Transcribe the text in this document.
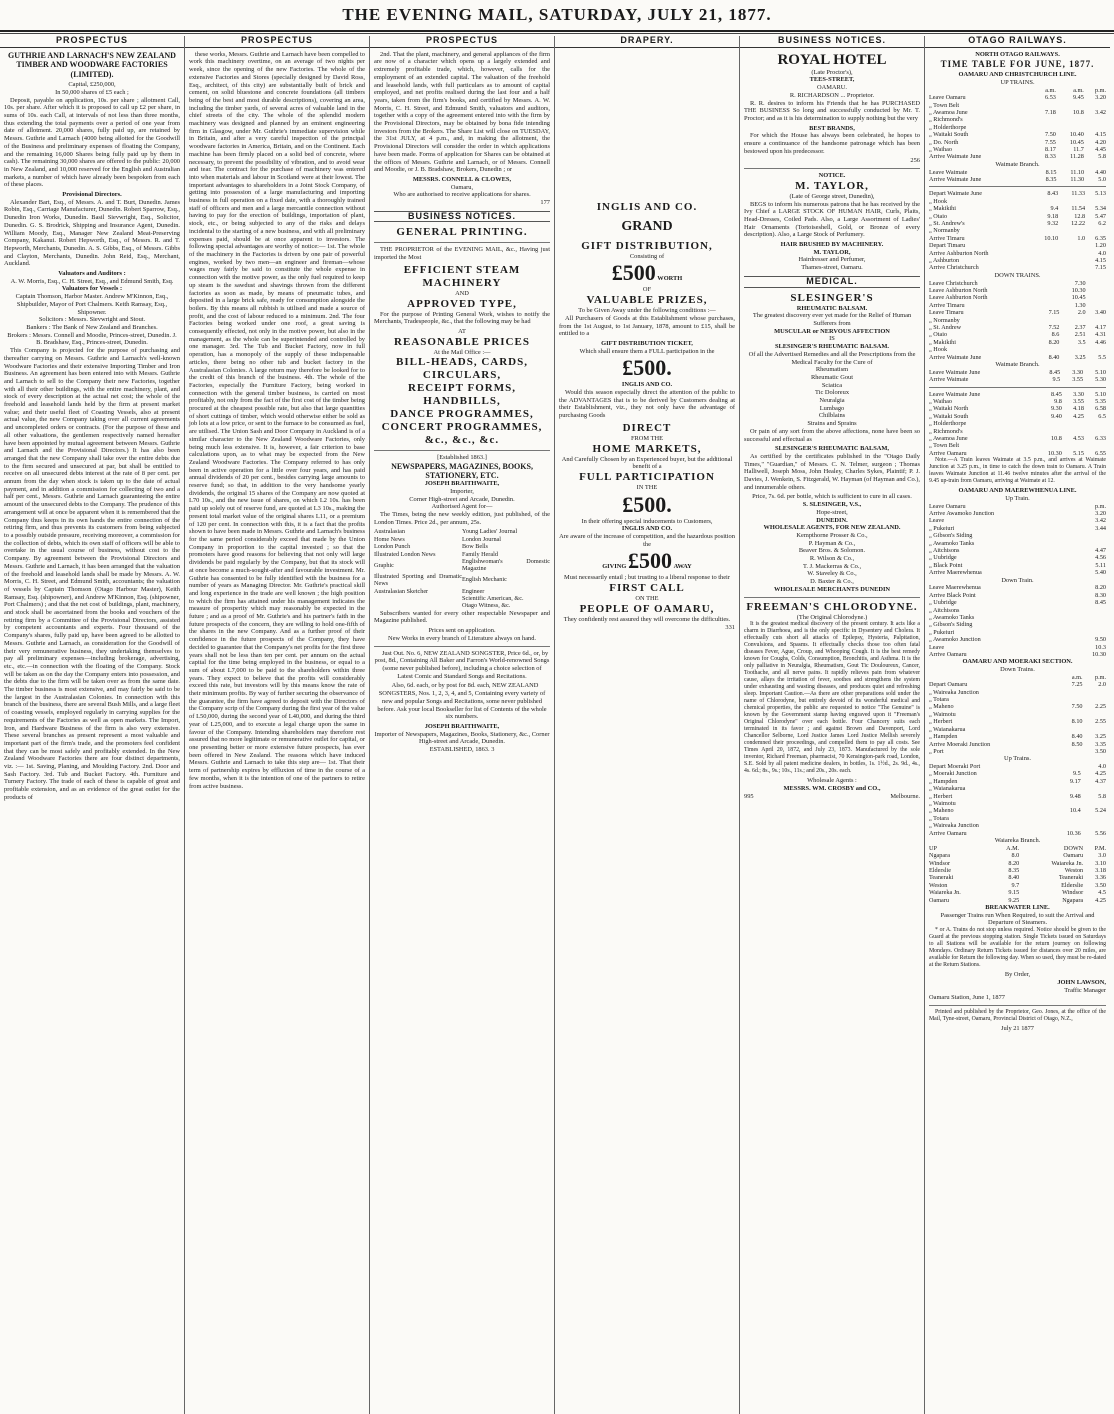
THE EVENING MAIL, SATURDAY, JULY 21, 1877.
PROSPECTUS
GUTHRIE AND LARNACH'S NEW ZEALAND TIMBER AND WOODWARE FACTORIES (LIMITED).
Capital, £250,000,
In 50,000 shares of £5 each ;

Deposit, payable on application, 10s. per share ; allotment Call, 10s. per share. After which it is proposed to call up £2 per share, in sums of 10s. each Call, at intervals of not less than three months, thus extending the total payments over a period of one year from date of allotment. 20,000 shares, fully paid up, are retained by Messrs. Guthrie and Larnach (4000 being allotted for the Goodwill of the Business and preliminary expenses of floating the Company, and the remaining 16,000 Shares being fully paid up by them in cash). The remaining 30,000 shares are offered to the public: 20,000 in New Zealand, and 10,000 reserved for the English and Australian markets, a number of which have already been bespoken from each of these places.

Provisional Directors.

Alexander Bart, Esq., of Messrs. A. and T. Burt, Dunedin. James Robin, Esq., Carriage Manufacturer, Dunedin. Robert Sparrow, Esq., Dunedin Iron Works, Dunedin. Basil Sievwright, Esq., Solicitor, Dunedin. G. S. Brodrick, Shipping and Insurance Agent, Dunedin. William Moody, Esq., Manager New Zealand Meat-Preserving Company, Kakanui. Robert Hepworth, Esq., of Messrs. R. and T. Hepworth, Merchants, Dunedin. A. S. Gibbs, Esq., of Messrs. Gibbs and Clayton, Merchants, Dunedin. John Reid, Esq., Merchant, Auckland.

Valuators and Auditors :
A. W. Morris, Esq., C. H. Street, Esq., and Edmund Smith, Esq.
Valuators for Vessels :
Captain Thomson, Harbor Master. Andrew M'Kinnon, Esq., Shipbuilder, Mayor of Port Chalmers. Keith Ramsay, Esq., Shipowner.
Solicitors : Messrs. Sievwright and Stout.
Bankers : The Bank of New Zealand and Branches.
Brokers : Messrs. Connell and Moodie, Princes-street, Dunedin. J. B. Bradshaw, Esq., Princes-street, Dunedin.

This Company is projected for the purpose of purchasing and thereafter carrying on Messrs. Guthrie and Larnach's well-known Woodware Factories and their extensive Importing Timber and Iron Business. An agreement has been entered into with Messrs. Guthrie and Larnach to sell to the Company their new Factories, together with all their other buildings, with the entire machinery, plant, and stock of every description at the actual net cost; the whole of the freehold and leasehold lands held by the firm at present market value; and their useful fleet of Coasting Vessels, also at present actual value, the new Company taking over all current agreements and uncompleted orders or contracts. (For the purpose of these and all other valuations, the gentlemen respectively named hereafter have been appointed by mutual agreement between Messrs. Guthrie and Larnach and the Provisional Directors.) It has also been arranged that the new Company shall take over the entire debts due to the firm secured and unsecured at par, but shall be entitled to receive on all unsecured debts interest at the rate of 8 per cent. per annum from the day when stock is taken up to the date of actual payment, and in addition a commission for collecting of two and a half per cent., Messrs. Guthrie and Larnach guaranteeing the entire amount of the unsecured debts to the Company. The prudence of this arrangement will at once be apparent when it is remembered that the Company thus keeps in its own hands the entire connection of the retiring firm, and thus prevents its customers from being subjected to a possibly outside pressure, receiving moreover, a commission for the collection of debts, which its own staff of officers will be able to overtake in the usual course of business, without cost to the Company. By agreement between the Provisional Directors and Messrs. Guthrie and Larnach, it has been arranged that the valuation of the freehold and leasehold lands shall be made by Messrs. A. W. Morris, C. H. Street, and Edmund Smith, accountants; the valuation of vessels by Captain Thomson (Otago Harbour Master), Keith Ramsay, Esq. (shipowner), and Andrew M'Kinnon, Esq. (shipowner, Port Chalmers) ; and that the net cost of buildings, plant, machinery, and stock shall be ascertained from the books and vouchers of the retiring firm by a Committee of the Provisional Directors, assisted by competent accountants and experts. Four thousand of the Company's shares, fully paid up, have been agreed to be allotted to Messrs. Guthrie and Larnach, as consideration for the Goodwill of their very remunerative business, they undertaking themselves to pay all preliminary expenses—including brokerage, advertising, etc., etc.—in connection with the floating of the Company. Stock will be taken as on the day the Company enters into possession, and the debts due to the firm will be taken over as from the same date. The timber business is most extensive, and may fairly be said to be the largest in the Australasian Colonies. In connection with this branch of the business, there are several Bush Mills, and a large fleet of coasting vessels, employed regularly in carrying supplies for the requirements of the Factories as well as open markets. The Import, Iron, and Hardware Business of the firm is also very extensive. These several branches as present represent a most valuable and important part of the firm's trade, and the promoters feel confident that they can be most safely and profitably extended. In the New Zealand Woodware Factories there are four distinct departments, viz. :— 1st. Saving, Planing, and Moulding Factory. 2nd. Door and Sash Factory. 3rd. Tub and Bucket Factory. 4th. Furniture and Turnery Factory. The trade of each of these is capable of great and profitable extension, and as an evidence of the great outlet for the products of

PROSPECTUS

these works, Messrs. Guthrie and Larnach have been compelled to work this machinery overtime, on an average of two nights per week, since the opening of the new Factories. The whole of the extensive Factories and Stores (specially designed by David Ross, Esq., architect, of this city) are substantially built of brick and cement, on solid bluestone and concrete foundations (all timbers being of the best and most durable descriptions), covering an area, including the timber yards, of several acres of valuable land in the chief streets of the city. The whole of the splendid modern machinery was designed and planned by an eminent engineering firm in Glasgow, under Mr. Guthrie's immediate supervision while in Britain, and after a very careful inspection of the principal woodware factories in America, Britain, and on the Continent. Each machine has been firmly placed on a solid bed of concrete, where necessary, to prevent the possibility of vibration, and to avoid wear and tear. The contract for the purchase of machinery was entered into when materials and labour in Scotland were at their lowest. The important advantages to shareholders in a Joint Stock Company, of getting into possession of a large manufacturing and importing business in full operation on a fixed date, with a thoroughly trained staff of officers and men and a large mercantile connection without having to pay for the erection of buildings, importation of plant, stock, etc., or being subjected to any of the risks and delays incidental to the starting of a new business, and with all preliminary expenses paid, should be at once apparent to investors. The following special advantages are worthy of notice:— 1st. The whole of the machinery in the Factories is driven by one pair of powerful engines, worked by two men—an engineer and fireman—whose wages may fairly be said to constitute the whole expense in connection with the motive power, as the only fuel required to keep up steam is the sawdust and shavings thrown from the different factories as soon as made, by means of pneumatic tubes, and deposited in a large brick safe, ready for consumption alongside the boilers. By this means all rubbish is utilised and made a source of profit, and the cost of labour reduced to a minimum. 2nd. The four Factories being worked under one roof, a great saving is consequently effected, not only in the motive power, but also in the management, as the whole can be superintended and controlled by one manager. 3rd. The Tub and Bucket Factory, now in full operation, has a monopoly of the supply of these indispensable articles, there being no other tub and bucket factory in the Australasian Colonies. A large return may therefore be looked for to the credit of this branch of the business. 4th. The whole of the Factories, especially the Furniture Factory, being worked in connection with the general timber business, is carried on most profitably, not only from the fact of the first cost of the timber being procured at the cheapest possible rate, but also that large quantities of short cuttings of timber, which would otherwise either be sold as job lots at a low price, or sent to the furnace to be consumed as fuel, are utilised. The Union Sash and Door Company in Auckland is of a similar character to the New Zealand Woodware Factories, only being much less extensive. It is, however, a fair criterion to base calculations upon, as to what may be expected from the New Zealand Woodware Factories. The Company referred to has only been in active operation for a little over four years, and has paid annual dividends of 20 per cent., besides carrying large amounts to reserve fund; so that, in addition to the very handsome yearly dividends, the original 15 shares of the Company are now quoted at L70 10s., and the new issue of shares, on which L2 10s. has been paid up solely out of reserve fund, are quoted at L3 10s., making the present total market value of the original shares L11, or a premium of 120 per cent. In connection with this, it is a fact that the profits shown to have been made in Messrs. Guthrie and Larnach's business for the same period considerably exceed that made by the Union Company in proportion to the capital invested ; so that the promoters have good reasons for believing that not only will large dividends be paid regularly by the Company, but that its stock will at once become a much-sought-after and favourable investment. Mr. Guthrie has consented to be fully identified with the business for a number of years as Managing Director. Mr. Guthrie's practical skill and long experience in the trade are well known ; the high position to which the firm has attained under his management indicates the measure of prosperity which may reasonably be expected in the future ; and as a proof of Mr. Guthrie's and his partner's faith in the future prospects of the concern, they are willing to hold one-fifth of the shares in the new Company. And as a further proof of their confidence in the future prospects of the Company, they have decided to guarantee that the Company's net profits for the first three years shall not be less than ten per cent. per annum on the actual capital for the time being employed in the business, or equal to a sum of about L7,000 to be paid to the shareholders within three years. They expect to believe that the profits will considerably exceed this rate, but investors will by this means know the rate of their minimum profits. By way of further securing the observance of the guarantee, the firm have agreed to deposit with the Directors of the Company scrip of the Company during the first year of the value of L50,000, during the second year of L40,000, and during the third year of L25,000, and to execute a legal charge upon the same in favour of the Company. Intending shareholders may therefore rest assured that no more legitimate or remunerative outlet for capital, or one presenting better or more extensive future prospects, has ever been offered in New Zealand. The reasons which have induced Messrs. Guthrie and Larnach to take this step are— 1st. That their term of partnership expires by effluxion of time in the course of a few months, when it is the intention of one of the partners to retire from active business.

PROSPECTUS

2nd. That the plant, machinery, and general appliances of the firm are now of a character which opens up a largely extended and extremely profitable trade, which, however, calls for the employment of an extended capital. The valuation of the freehold and leasehold lands, with full particulars as to amount of capital employed, and net profits realised during the last four and a half years, taken from the firm's books, and certified by Messrs. A. W. Morris, C. H. Street, and Edmund Smith, valuators and auditors, together with a copy of the agreement entered into with the firm by the Provisional Directors, may be obtained by bona fide intending investors from the Brokers. The Share List will close on TUESDAY, the 31st JULY, at 4 p.m., and, in making the allotment, the Provisional Directors will consider the order in which applications have been made. Forms of application for Shares can be obtained at the offices of Messrs. Guthrie and Larnach, or of Messrs. Connell and Moodie, or J. B. Bradshaw, Brokers, Dunedin ; or

MESSRS. CONNELL & CLOWES,
Oamaru,
Who are authorised to receive applications for shares.
177
BUSINESS NOTICES.
GENERAL PRINTING.

THE PROPRIETOR of the EVENING MAIL, &c., Having just imported the Most

EFFICIENT STEAM MACHINERY
AND
APPROVED TYPE,

For the purpose of Printing General Work, wishes to notify the Merchants, Tradespeople, &c., that the following may be had

AT
REASONABLE PRICES
At the Mail Office :—
BILL-HEADS, CARDS, CIRCULARS,
RECEIPT FORMS,
HANDBILLS,
DANCE PROGRAMMES,
CONCERT PROGRAMMES,
&c., &c., &c.
[Established 1863.]
NEWSPAPERS, MAGAZINES, BOOKS, STATIONERY, ETC.
JOSEPH BRAITHWAITE,
Importer,
Corner High-street and Arcade, Dunedin.
Authorised Agent for—

The Times, being the new weekly edition, just published, of the London Times. Price 2d., per annum, 25s.

Australasian	Young Ladies' Journal
Home News	London Journal
London Punch	Bow Bells
Illustrated London News	Family Herald
Graphic	Englishwoman's Domestic Magazine
Illustrated Sporting and Dramatic News	English Mechanic
Australasian Sketcher	Engineer
	Scientific American, &c.
	Otago Witness, &c.

Subscribers wanted for every other respectable Newspaper and Magazine published.

Prices sent on application.
New Works in every branch of Literature always on hand.

Just Out. No. 6, NEW ZEALAND SONGSTER, Price 6d., or, by post, 8d., Containing All Baker and Farron's World-renowned Songs (some never published before), including a choice selection of Latest Comic and Standard Songs and Recitations.

Also, 6d. each, or by post for 8d. each, NEW ZEALAND SONGSTERS, Nos. 1, 2, 3, 4, and 5, Containing every variety of new and popular Songs and Recitations, some never published before. Ask your local Bookseller for list of Contents of the whole six numbers.

JOSEPH BRAITHWAITE,
Importer of Newspapers, Magazines, Books, Stationery, &c., Corner High-street and Arcade, Dunedin.
ESTABLISHED, 1863. 3
DRAPERY.
INGLIS AND CO.
GRAND
GIFT DISTRIBUTION,
Consisting of
£500 WORTH
OF
VALUABLE PRIZES,
To be Given Away under the following conditions :—

All Purchasers of Goods at this Establishment whose purchases, from the 1st August, to 1st January, 1878, amount to £15, shall be entitled to a

GIFT DISTRIBUTION TICKET,
Which shall ensure them a FULL participation in the
£500.
INGLIS AND CO.

Would this season especially direct the attention of the public to the ADVANTAGES that is to be derived by Customers dealing at their Establishment, viz., they not only have the advantage of purchasing Goods

DIRECT
FROM THE
HOME MARKETS,
And Carefully Chosen by an Experienced buyer, but the additional benefit of a
FULL PARTICIPATION
IN THE
£500.
In their offering special inducements to Customers,
INGLIS AND CO.
Are aware of the increase of competition, and the hazardous position the
GIVING £500 AWAY
Must necessarily entail ; but trusting to a liberal response to their
FIRST CALL
ON THE
PEOPLE OF OAMARU,
They confidently rest assured they will overcome the difficulties.
331
BUSINESS NOTICES.
ROYAL HOTEL
(Late Proctor's),
TEES-STREET,
OAMARU.
R. RICHARDSON ... Proprietor.

R. R. desires to inform his Friends that he has PURCHASED THE BUSINESS So long and successfully conducted by Mr. T. Proctor; and as it is his determination to supply nothing but the very

BEST BRANDS,

For which the House has always been celebrated, he hopes to ensure a continuance of the handsome patronage which has been bestowed upon his predecessor.

256
NOTICE.
M. TAYLOR,
(Late of George street, Dunedin),

BEGS to inform his numerous patrons that he has received by the Ivy Chief a LARGE STOCK OF HUMAN HAIR, Curls, Plaits, Head-Dresses, Coiled Pads. Also, a Large Assortment of Ladies' Hair Ornaments (Tortoiseshell, Gold, or Bronze of every description). Also, a Large Stock of Perfumery.

HAIR BRUSHED BY MACHINERY.
M. TAYLOR,
Hairdresser and Perfumer,
Thames-street, Oamaru.
MEDICAL.
SLESINGER'S
RHEUMATIC BALSAM.
The greatest discovery ever yet made for the Relief of Human Sufferers from
MUSCULAR or NERVOUS AFFECTION
IS
SLESINGER'S RHEUMATIC BALSAM.
Of all the Advertised Remedies and all the Prescriptions from the Medical Faculty for the Cure of
Rheumatism
Rheumatic Gout
Sciatica
Tic Doloreux
Neuralgia
Lumbago
Chilblains
Strains and Sprains

Or pain of any sort from the above affections, none have been so successful and effectual as

SLESINGER'S RHEUMATIC BALSAM,

As certified by the certificates published in the "Otago Daily Times," "Guardian," of Messrs. C. N. Telmer, surgeon ; Thomas Halliwell, Joseph Moss, John Healey, Charles Sykes, Plaintif; P. J. Davies, J. Wenkein, S. Fitzgerald, W. Hayman (of Hayman and Co.), and innumerable others.

Price, 7s. 6d. per bottle, which is sufficient to cure in all cases.
S. SLESINGER, V.S.,
Hope-street,
DUNEDIN.
WHOLESALE AGENTS, FOR NEW ZEALAND.
Kempthorne Prosser & Co.,
P. Hayman & Co.,
Beaver Bros. & Solomon.
R. Wilson & Co.,
T. J. Mackerras & Co.,
W. Staveley & Co.,
D. Baxter & Co.,
WHOLESALE MERCHANTS DUNEDIN
FREEMAN'S CHLORODYNE.
(The Original Chlorodyne.)

It is the greatest medical discovery of the present century. It acts like a charm in Diarrhoea, and is the only specific in Dysentery and Cholera. It effectually cuts short all attacks of Epilepsy, Hysteria, Palpitation, Convulsions, and Spasms. It effectually checks those too often fatal diseases Fever, Ague, Croup, and Whooping Cough. It is the best remedy known for Coughs, Colds, Consumption, Bronchitis, and Asthma. It is the only palliative in Neuralgia, Rheumatism, Gout Tic Douloureux, Cancer, Toothache, and all nerve pains. It rapidly relieves pain from whatever cause, allays the irritation of fever, soothes and strengthens the system under exhausting and wasting diseases, and produces quiet and refreshing sleep. Important Caution.—As there are other preparations sold under the name of Chlorodyne, but entirely devoid of its wonderful medical and chemical properties, the public are requested to notice "The Genuine" is known by the Government stamp having engraved upon it "Freeman's Original Chlorodyne" over each bottle. Four Chancery suits each terminated in its favor ; and against Brown and Davenport, Lord Chancellor Selborne, Lord Justice James Lord Justice Mellish severely condemned their proceedings, and compelled them to pay all costs. See Times April 20, 1872, and July 23, 1873. Manufactured by the sole inventor, Richard Freeman, pharmacist, 70 Kensington-park road, London, S.E. Sold by all patent medicine dealers, in bottles, 1s. 1½d., 2s. 9d., 4s., 4s. 6d.; 8s., 9s.; 10s., 11s.; and 20s., 20s. each.

Wholesale Agents :
MESSRS. WM. CROSBY and CO.,
995	Melbourne.
OTAGO RAILWAYS.
NORTH OTAGO RAILWAYS.
TIME TABLE FOR JUNE, 1877.
OAMARU AND CHRISTCHURCH LINE.
UP TRAINS.
	a.m.	a.m.	p.m.
Leave Oamaru	6.53	9.45	3.20
„ Town Belt			
„ Awamoa June	7.18	10.8	3.42
„ Richmond's			
„ Holderthorpe			
„ Waitaki South	7.50	10.40	4.15
„ Do. North	7.55	10.45	4.20
„ Waihao	8.17	11.7	4.45
Arrive Waimate June	8.33	11.28	5.8
Waimate Branch.
Leave Waimate	8.15	11.10	4.40
Arrive Waimate June	8.35	11.30	5.0
Depart Waimate June	8.43	11.33	5.13
„ Hook			
„ Makikihi	9.4	11.54	5.34
„ Otaio	9.18	12.8	5.47
„ St. Andrew's	9.32	12.22	6.2
„ Normanby			
Arrive Timaru	10.10	1.0	6.35
Depart Timaru		1.20	
Arrive Ashburton North		4.0	
„ Ashburton		4.15	
Arrive Christchurch		7.15	
DOWN TRAINS.
Leave Christchurch		7.30	
Leave Ashburton North		10.30	
Leave Ashburton North		10.45	
Arrive Timaru		1.30	
Leave Timaru	7.15	2.0	3.40
„ Normanby			
„ St. Andrew	7.52	2.37	4.17
„ Otaio	8.6	2.51	4.31
„ Makikihi	8.20	3.5	4.46
„ Hook			
Arrive Waimate June	8.40	3.25	5.5
Waimate Branch.
Leave Waimate June	8.45	3.30	5.10
Arrive Waimate	9.5	3.55	5.30
Leave Waimate June	8.45	3.30	5.10
„ Waihao	9.8	3.55	5.35
„ Waitaki North	9.30	4.18	6.58
„ Waitaki South	9.40	4.25	6.5
„ Holderthorpe			
„ Richmond's			
„ Awamoa June	10.8	4.53	6.33
„ Town Belt			
Arrive Oamaru	10.30	5.15	6.55

Note.—A Train leaves Waimate at 3.5 p.m., and arrives at Waimate Junction at 3.25 p.m., in time to catch the down train to Oamaru. A Train leaves Waimate Junction at 11.46 twelve minutes after the arrival of the 9.45 up-train from Oamaru, arriving at Waimate at 12.

OAMARU AND MAEREWHENUA LINE.
Up Train.
Leave Oamaru			p.m.
Arrive Awamoko Junction			3.20
Leave			3.42
„ Pukeiuri			3.44
„ Gibson's Siding			
„ Awamoko Tanks			
„ Aitchisons			4.47
„ Uubridge			4.56
„ Black Point			5.11
Arrive Maerewhenua			5.40
Down Train.
Leave Maerewhenua			8.20
Arrive Black Point			8.30
„ Uubridge			8.45
„ Aitchisons			
„ Awamoko Tanks			
„ Gibson's Siding			
„ Pukeiuri			
„ Awamoko Junction			9.50
Leave			10.3
Arrive Oamaru			10.30
OAMARU AND MOERAKI SECTION.
Down Trains.
		a.m.	p.m.
Depart Oamaru		7.25	2.0
„ Waireaka Junction			
„ Totara			
„ Maheno		7.50	2.25
„ Waimotu			
„ Herbert		8.10	2.55
„ Waianakarua			
„ Hampden		8.40	3.25
Arrive Moeraki Junction		8.50	3.35
„ Port			3.50
Up Trains.
Depart Moeraki Port			4.0
„ Moeraki Junction		9.5	4.25
„ Hampden		9.17	4.37
„ Waianakarua			
„ Herbert		9.48	5.8
„ Waimotu			
„ Maheno		10.4	5.24
„ Totara			
„ Waireaka Junction			
Arrive Oamaru		10.36	5.56
Waiareka Branch.
UP	A.M.	DOWN	P.M.
Ngapara	8.0	Oamaru	3.0
Windsor	8.20	Waiareka Jn.	3.10
Elderslie	8.35	Weston	3.18
Teaneraki	8.40	Teaneraki	3.36
Weston	9.7	Elderslie	3.50
Waiareka Jn.	9.15	Windsor	4.5
Oamaru	9.25	Ngapara	4.25
BREAKWATER LINE.
Passenger Trains run When Required, to suit the Arrival and Departure of Steamers.

* or A. Trains do not stop unless required. Notice should be given to the Guard at the previous stopping station. Single Tickets issued on Saturdays to all Stations will be available for the return journey on following Mondays. Ordinary Return Tickets issued for distances over 20 miles, are available for Return the following day. When so used, they must be re-dated at the Return Stations.

By Order,
JOHN LAWSON,
Traffic Manager
Oamaru Station, June 1, 1877

Printed and published by the Proprietor, Geo. Jones, at the office of the Mail, Tyne-street, Oamaru, Provincial District of Otago, N.Z.,

July 21 1877
